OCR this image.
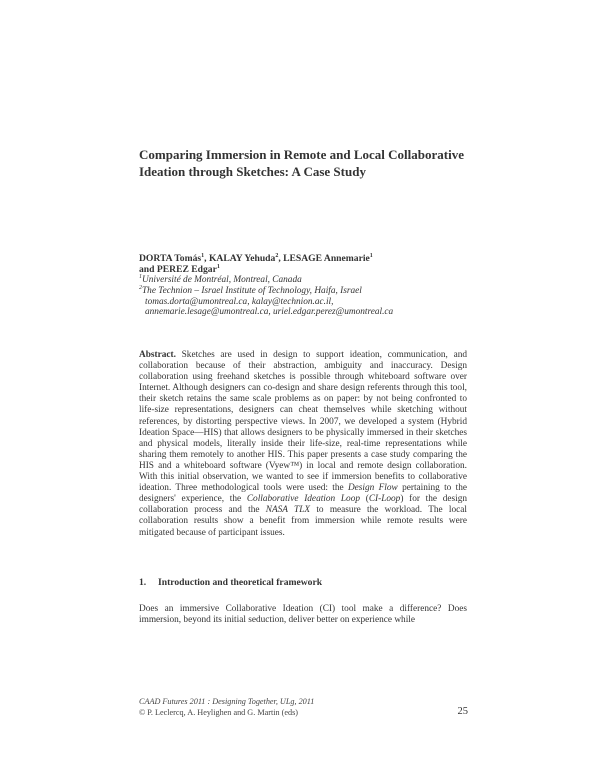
Comparing Immersion in Remote and Local Collaborative
Ideation through Sketches: A Case Study
DORTA Tomás$^1$, KALAY Yehuda$^2$, LESAGE Annemarie$^1$
and PEREZ Edgar$^1$
$^1$Université de Montréal, Montreal, Canada
$^2$The Technion – Israel Institute of Technology, Haifa, Israel
tomas.dorta@umontreal.ca, kalay@technion.ac.il,
annemarie.lesage@umontreal.ca, uriel.edgar.perez@umontreal.ca

Abstract. Sketches are used in design to support ideation, communication, and collaboration because of their abstraction, ambiguity and inaccuracy. Design collaboration using freehand sketches is possible through whiteboard software over Internet. Although designers can co-design and share design referents through this tool, their sketch retains the same scale problems as on paper: by not being confronted to life-size representations, designers can cheat themselves while sketching without references, by distorting perspective views. In 2007, we developed a system (Hybrid Ideation Space—HIS) that allows designers to be physically immersed in their sketches and physical models, literally inside their life-size, real-time representations while sharing them remotely to another HIS. This paper presents a case study comparing the HIS and a whiteboard software (Vyew™) in local and remote design collaboration. With this initial observation, we wanted to see if immersion benefits to collaborative ideation. Three methodological tools were used: the Design Flow pertaining to the designers' experience, the Collaborative Ideation Loop (CI-Loop) for the design collaboration process and the NASA TLX to measure the workload. The local collaboration results show a benefit from immersion while remote results were mitigated because of participant issues.

1. Introduction and theoretical framework

Does an immersive Collaborative Ideation (CI) tool make a difference? Does immersion, beyond its initial seduction, deliver better on experience while

CAAD Futures 2011 : Designing Together, ULg, 2011
© P. Leclercq, A. Heylighen and G. Martin (eds)	25
